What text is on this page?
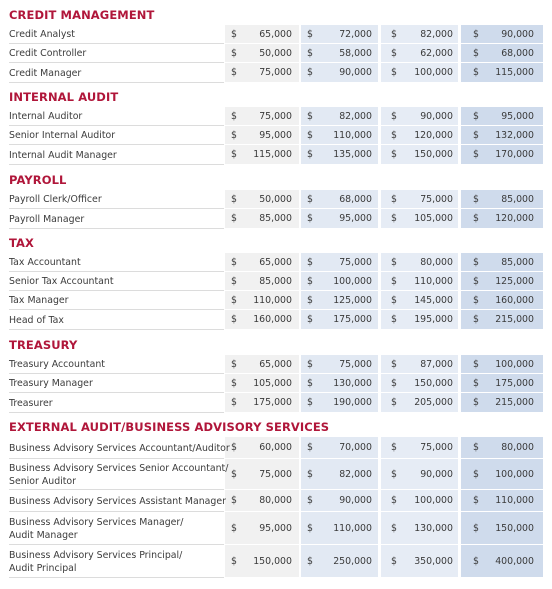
CREDIT MANAGEMENT
Credit Analyst	$	65,000 $	72,000 $	82,000 $	90,000
Credit Controller	$	50,000 $	58,000 $	62,000 $	68,000
Credit Manager	$	75,000 $	90,000 $	100,000 $	115,000
INTERNAL AUDIT
Internal Auditor	$	75,000 $	82,000 $	90,000 $	95,000
Senior Internal Auditor	$	95,000 $	110,000 $	120,000 $	132,000
Internal Audit Manager	$	115,000 $	135,000 $	150,000 $	170,000
PAYROLL
Payroll Clerk/Officer	$	50,000 $	68,000 $	75,000 $	85,000
Payroll Manager	$	85,000 $	95,000 $	105,000 $	120,000
TAX
Tax Accountant	$	65,000 $	75,000 $	80,000 $	85,000
Senior Tax Accountant	$	85,000 $	100,000 $	110,000 $	125,000
Tax Manager	$	110,000 $	125,000 $	145,000 $	160,000
Head of Tax	$	160,000 $	175,000 $	195,000 $	215,000
TREASURY
Treasury Accountant	$	65,000 $	75,000 $	87,000 $	100,000
Treasury Manager	$	105,000 $	130,000 $	150,000 $	175,000
Treasurer	$	175,000 $	190,000 $	205,000 $	215,000
EXTERNAL AUDIT/BUSINESS ADVISORY SERVICES
Business Advisory Services Accountant/Auditor $	60,000 $	70,000 $	75,000 $	80,000
Business Advisory Services Senior Accountant/
Senior Auditor
$	75,000 $	82,000 $	90,000 $	100,000
Business Advisory Services Assistant Manager $	80,000 $	90,000 $	100,000 $	110,000
Business Advisory Services Manager/
Audit Manager
$	95,000 $	110,000 $	130,000 $	150,000
Business Advisory Services Principal/
Audit Principal
$	150,000 $	250,000 $	350,000 $	400,000
